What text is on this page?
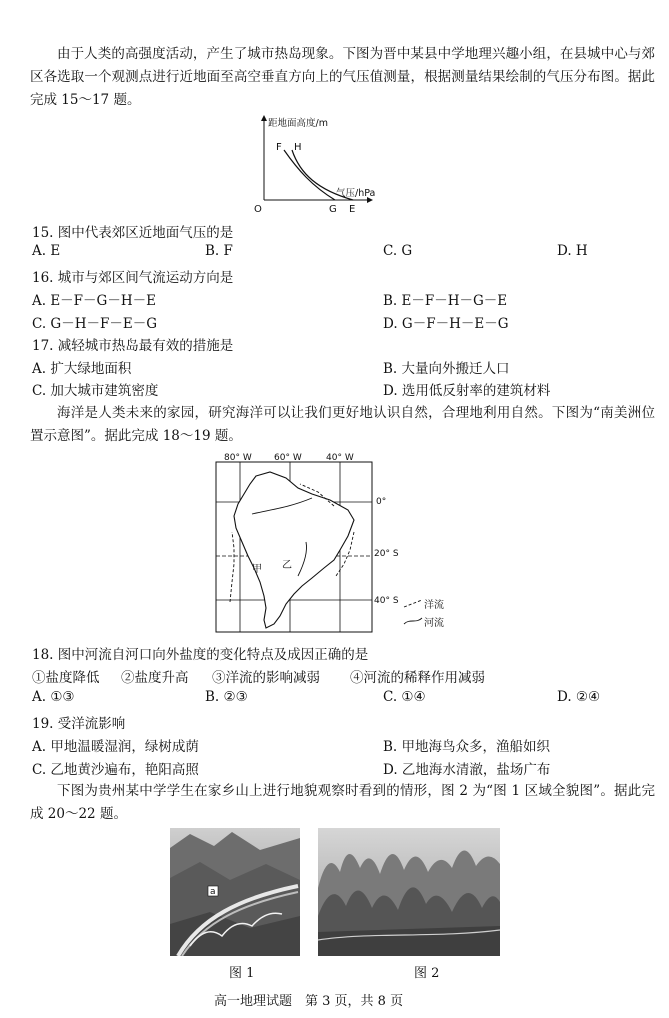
由于人类的高强度活动，产生了城市热岛现象。下图为晋中某县中学地理兴趣小组，在县城中心与郊区各选取一个观测点进行近地面至高空垂直方向上的气压值测量，根据测量结果绘制的气压分布图。据此完成 15～17 题。
距地面高度/m
气压/hPa
O
F H
G E
15. 图中代表郊区近地面气压的是
A. E	B. F	C. G	D. H
16. 城市与郊区间气流运动方向是
A. E－F－G－H－E	B. E－F－H－G－E
C. G－H－F－E－G	D. G－F－H－E－G
17. 减轻城市热岛最有效的措施是
A. 扩大绿地面积	B. 大量向外搬迁人口
C. 加大城市建筑密度	D. 选用低反射率的建筑材料
海洋是人类未来的家园，研究海洋可以让我们更好地认识自然，合理地利用自然。下图为“南美洲位置示意图”。据此完成 18～19 题。
80° W 60° W	40° W
0°
20° S
40° S
甲 乙
洋流
河流
18. 图中河流自河口向外盐度的变化特点及成因正确的是
①盐度降低 ②盐度升高 ③洋流的影响减弱 ④河流的稀释作用减弱
A. ①③	B. ②③	C. ①④	D. ②④
19. 受洋流影响
A. 甲地温暖湿润，绿树成荫	B. 甲地海鸟众多，渔船如织
C. 乙地黄沙遍布，艳阳高照	D. 乙地海水清澈，盐场广布
下图为贵州某中学学生在家乡山上进行地貌观察时看到的情形，图 2 为“图 1 区域全貌图”。据此完成 20～22 题。
a
图 1	图 2
高一地理试题　第 3 页，共 8 页
